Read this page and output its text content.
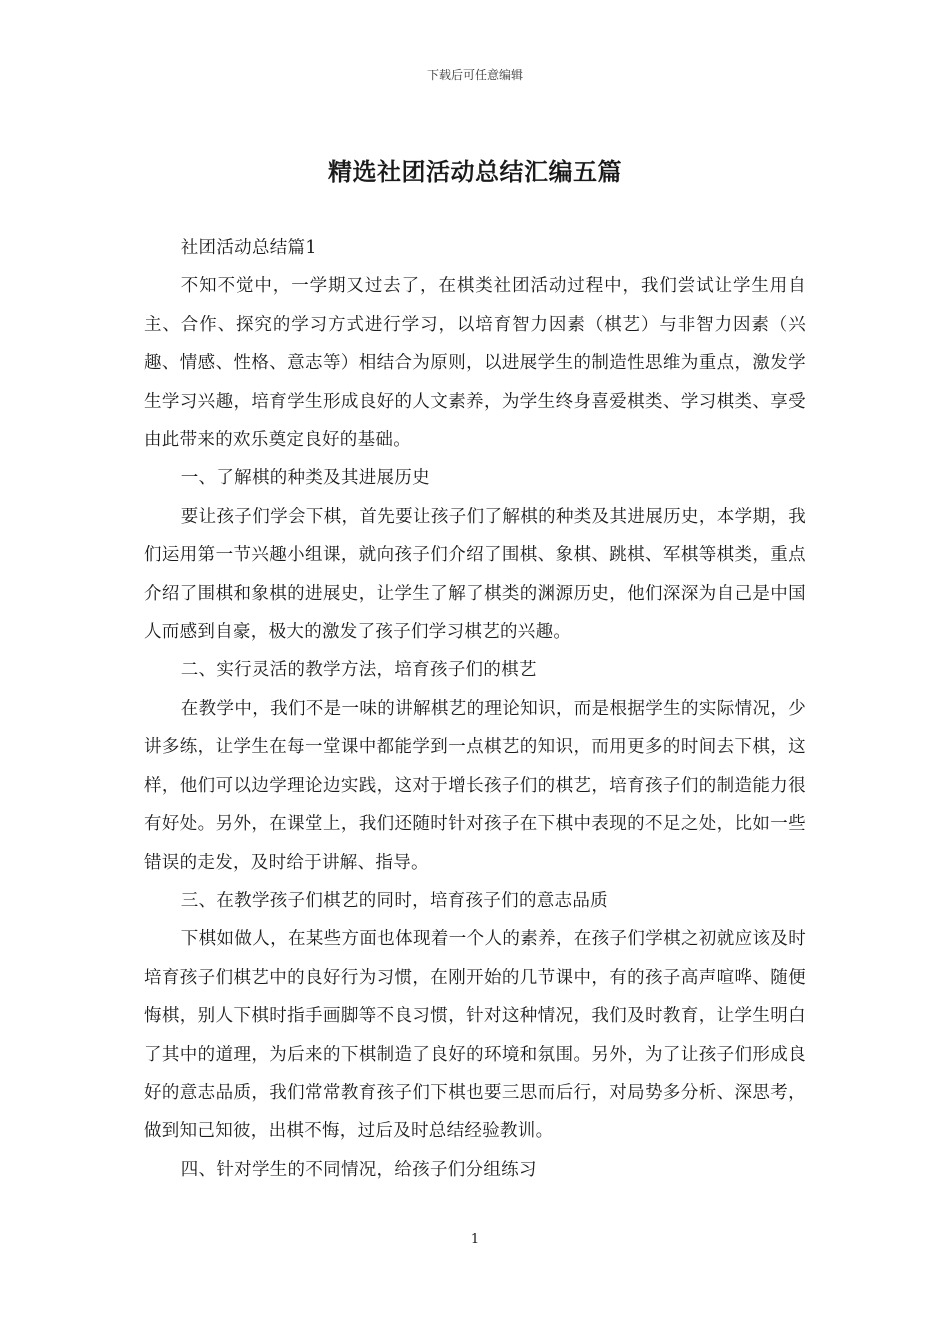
下载后可任意编辑
精选社团活动总结汇编五篇

社团活动总结篇1

不知不觉中，一学期又过去了，在棋类社团活动过程中，我们尝试让学生用自主、合作、探究的学习方式进行学习，以培育智力因素（棋艺）与非智力因素（兴趣、情感、性格、意志等）相结合为原则，以进展学生的制造性思维为重点，激发学生学习兴趣，培育学生形成良好的人文素养，为学生终身喜爱棋类、学习棋类、享受由此带来的欢乐奠定良好的基础。

一、了解棋的种类及其进展历史

要让孩子们学会下棋，首先要让孩子们了解棋的种类及其进展历史，本学期，我们运用第一节兴趣小组课，就向孩子们介绍了围棋、象棋、跳棋、军棋等棋类，重点介绍了围棋和象棋的进展史，让学生了解了棋类的渊源历史，他们深深为自己是中国人而感到自豪，极大的激发了孩子们学习棋艺的兴趣。

二、实行灵活的教学方法，培育孩子们的棋艺

在教学中，我们不是一味的讲解棋艺的理论知识，而是根据学生的实际情况，少讲多练，让学生在每一堂课中都能学到一点棋艺的知识，而用更多的时间去下棋，这样，他们可以边学理论边实践，这对于增长孩子们的棋艺，培育孩子们的制造能力很有好处。另外，在课堂上，我们还随时针对孩子在下棋中表现的不足之处，比如一些错误的走发，及时给于讲解、指导。

三、在教学孩子们棋艺的同时，培育孩子们的意志品质

下棋如做人，在某些方面也体现着一个人的素养，在孩子们学棋之初就应该及时培育孩子们棋艺中的良好行为习惯，在刚开始的几节课中，有的孩子高声喧哗、随便悔棋，别人下棋时指手画脚等不良习惯，针对这种情况，我们及时教育，让学生明白了其中的道理，为后来的下棋制造了良好的环境和氛围。另外，为了让孩子们形成良好的意志品质，我们常常教育孩子们下棋也要三思而后行，对局势多分析、深思考，做到知己知彼，出棋不悔，过后及时总结经验教训。

四、针对学生的不同情况，给孩子们分组练习

1
